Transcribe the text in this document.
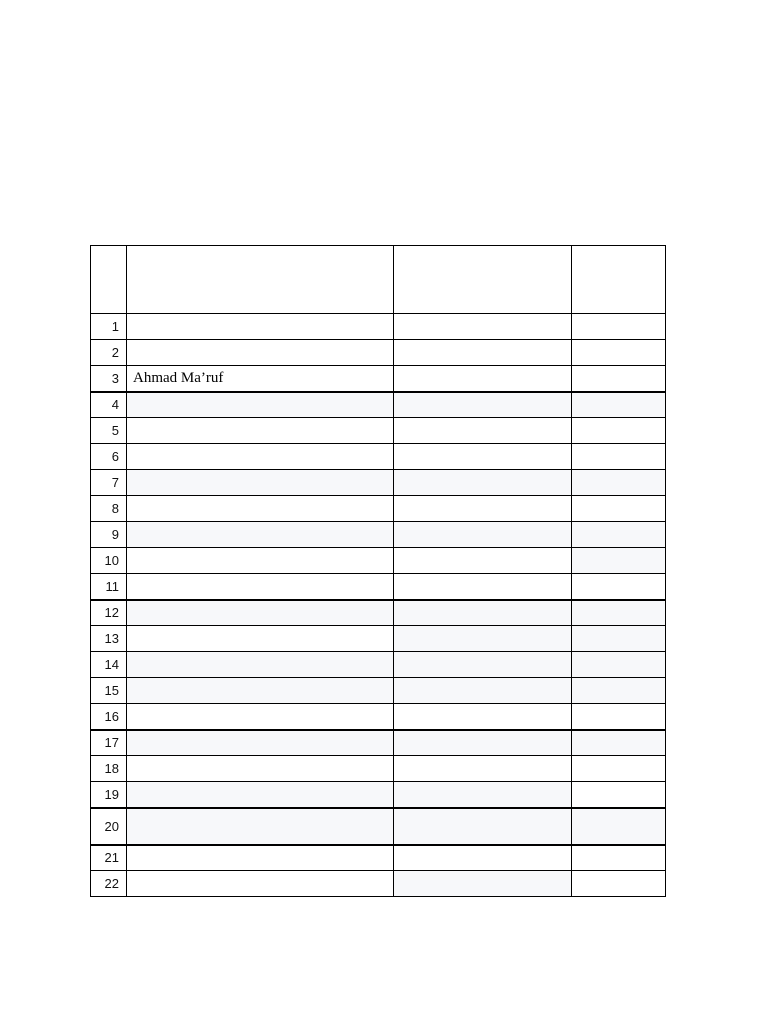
1			
2			
3	Ahmad Ma’ruf		
4			
5			
6			
7			
8			
9			
10			
11			
12			
13			
14			
15			
16			
17			
18			
19			
20			
21			
22			
